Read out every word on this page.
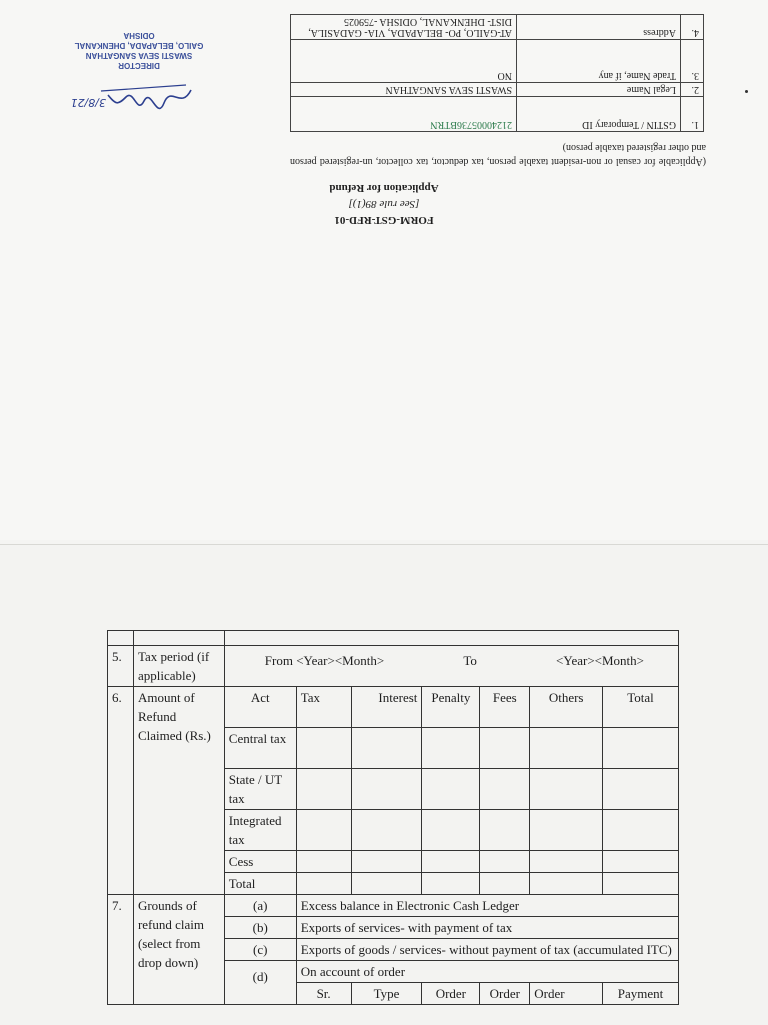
FORM-GST-RFD-01
[See rule 89(1)]
Application for Refund
(Applicable for casual or non-resident taxable person, tax deductor, tax collector, un-registered person and other registered taxable person)
1.	GSTIN / Temporary ID	21240005736BTRN
2.	Legal Name	SWASTI SEVA SANGATHAN
3.	Trade Name, if any	NO
4.	Address	AT-GAILO, PO- BELAPADA, VIA- GADASILA, DIST- DHENKANAL, ODISHA -759025
DIRECTOR
SWASTI SEVA SANGATHAN
GAILO, BELAPADA, DHENKANAL
ODISHA
3/8/21

5.	Tax period (if applicable)	From <Year><Month> To <Year><Month>						

6.	Amount of Refund Claimed (Rs.)	Act	Tax	Interest	Penalty	Fees	Others	Total
		Central tax						
		State / UT tax						
		Integrated tax						
		Cess						
		Total						
7.	Grounds of refund claim (select from drop down)	(a)	Excess balance in Electronic Cash Ledger					
		(b)	Exports of services- with payment of tax					
		(c)	Exports of goods / services- without payment of tax (accumulated ITC)					
		(d)	On account of order					
			Sr.	Type	Order	Order	Order	Payment
